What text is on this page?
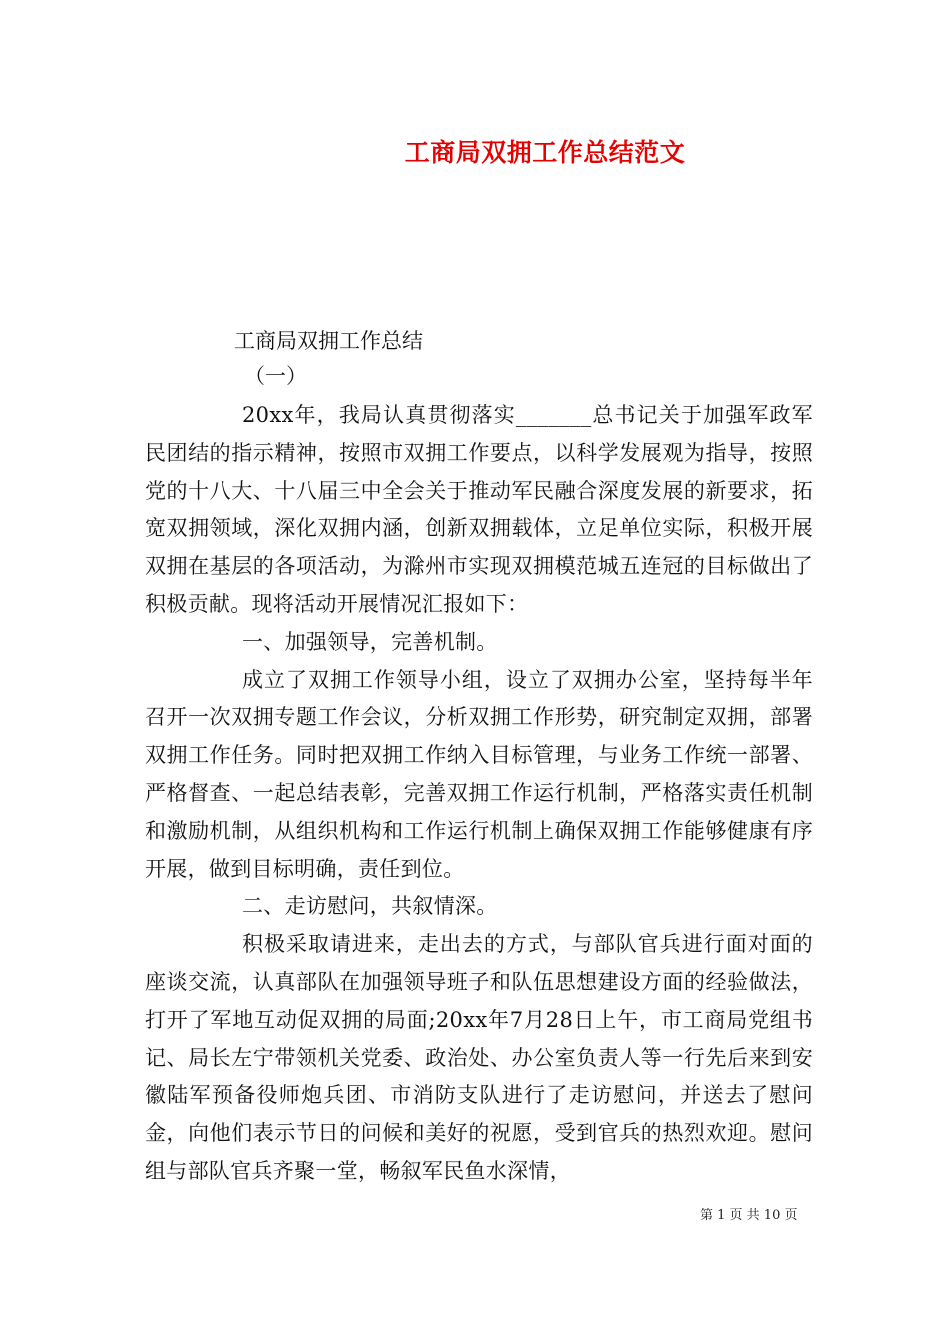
工商局双拥工作总结范文
工商局双拥工作总结
（一）

20xx年，我局认真贯彻落实_______总书记关于加强军政军民团结的指示精神，按照市双拥工作要点，以科学发展观为指导，按照党的十八大、十八届三中全会关于推动军民融合深度发展的新要求，拓宽双拥领域，深化双拥内涵，创新双拥载体，立足单位实际，积极开展双拥在基层的各项活动，为滁州市实现双拥模范城五连冠的目标做出了积极贡献。现将活动开展情况汇报如下：

一、加强领导，完善机制。

成立了双拥工作领导小组，设立了双拥办公室，坚持每半年召开一次双拥专题工作会议，分析双拥工作形势，研究制定双拥，部署双拥工作任务。同时把双拥工作纳入目标管理，与业务工作统一部署、严格督查、一起总结表彰，完善双拥工作运行机制，严格落实责任机制和激励机制，从组织机构和工作运行机制上确保双拥工作能够健康有序开展，做到目标明确，责任到位。

二、走访慰问，共叙情深。

积极采取请进来，走出去的方式，与部队官兵进行面对面的座谈交流，认真部队在加强领导班子和队伍思想建设方面的经验做法，打开了军地互动促双拥的局面;20xx年7月28日上午，市工商局党组书记、局长左宁带领机关党委、政治处、办公室负责人等一行先后来到安徽陆军预备役师炮兵团、市消防支队进行了走访慰问，并送去了慰问金，向他们表示节日的问候和美好的祝愿，受到官兵的热烈欢迎。慰问组与部队官兵齐聚一堂，畅叙军民鱼水深情，

第 1 页 共 10 页
